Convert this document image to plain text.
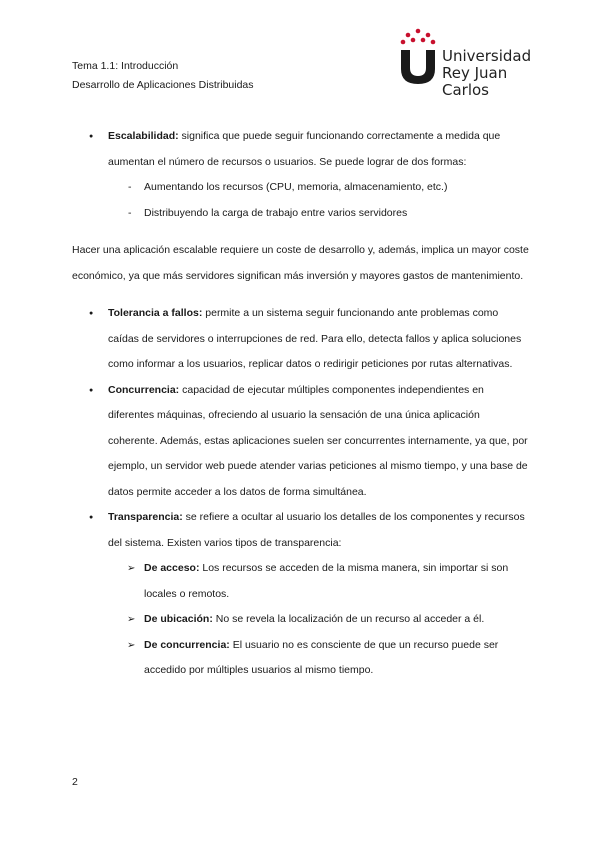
Tema 1.1: Introducción
Desarrollo de Aplicaciones Distribuidas
Universidad
Rey Juan Carlos
● Escalabilidad: significa que puede seguir funcionando correctamente a medida que aumentan el número de recursos o usuarios. Se puede lograr de dos formas:
- Aumentando los recursos (CPU, memoria, almacenamiento, etc.)
- Distribuyendo la carga de trabajo entre varios servidores
Hacer una aplicación escalable requiere un coste de desarrollo y, además, implica un mayor coste económico, ya que más servidores significan más inversión y mayores gastos de mantenimiento.
● Tolerancia a fallos: permite a un sistema seguir funcionando ante problemas como caídas de servidores o interrupciones de red. Para ello, detecta fallos y aplica soluciones como informar a los usuarios, replicar datos o redirigir peticiones por rutas alternativas.
● Concurrencia: capacidad de ejecutar múltiples componentes independientes en diferentes máquinas, ofreciendo al usuario la sensación de una única aplicación coherente. Además, estas aplicaciones suelen ser concurrentes internamente, ya que, por ejemplo, un servidor web puede atender varias peticiones al mismo tiempo, y una base de datos permite acceder a los datos de forma simultánea.
● Transparencia: se refiere a ocultar al usuario los detalles de los componentes y recursos del sistema. Existen varios tipos de transparencia:
➢ De acceso: Los recursos se acceden de la misma manera, sin importar si son locales o remotos.
➢ De ubicación: No se revela la localización de un recurso al acceder a él.
➢ De concurrencia: El usuario no es consciente de que un recurso puede ser accedido por múltiples usuarios al mismo tiempo.
2
